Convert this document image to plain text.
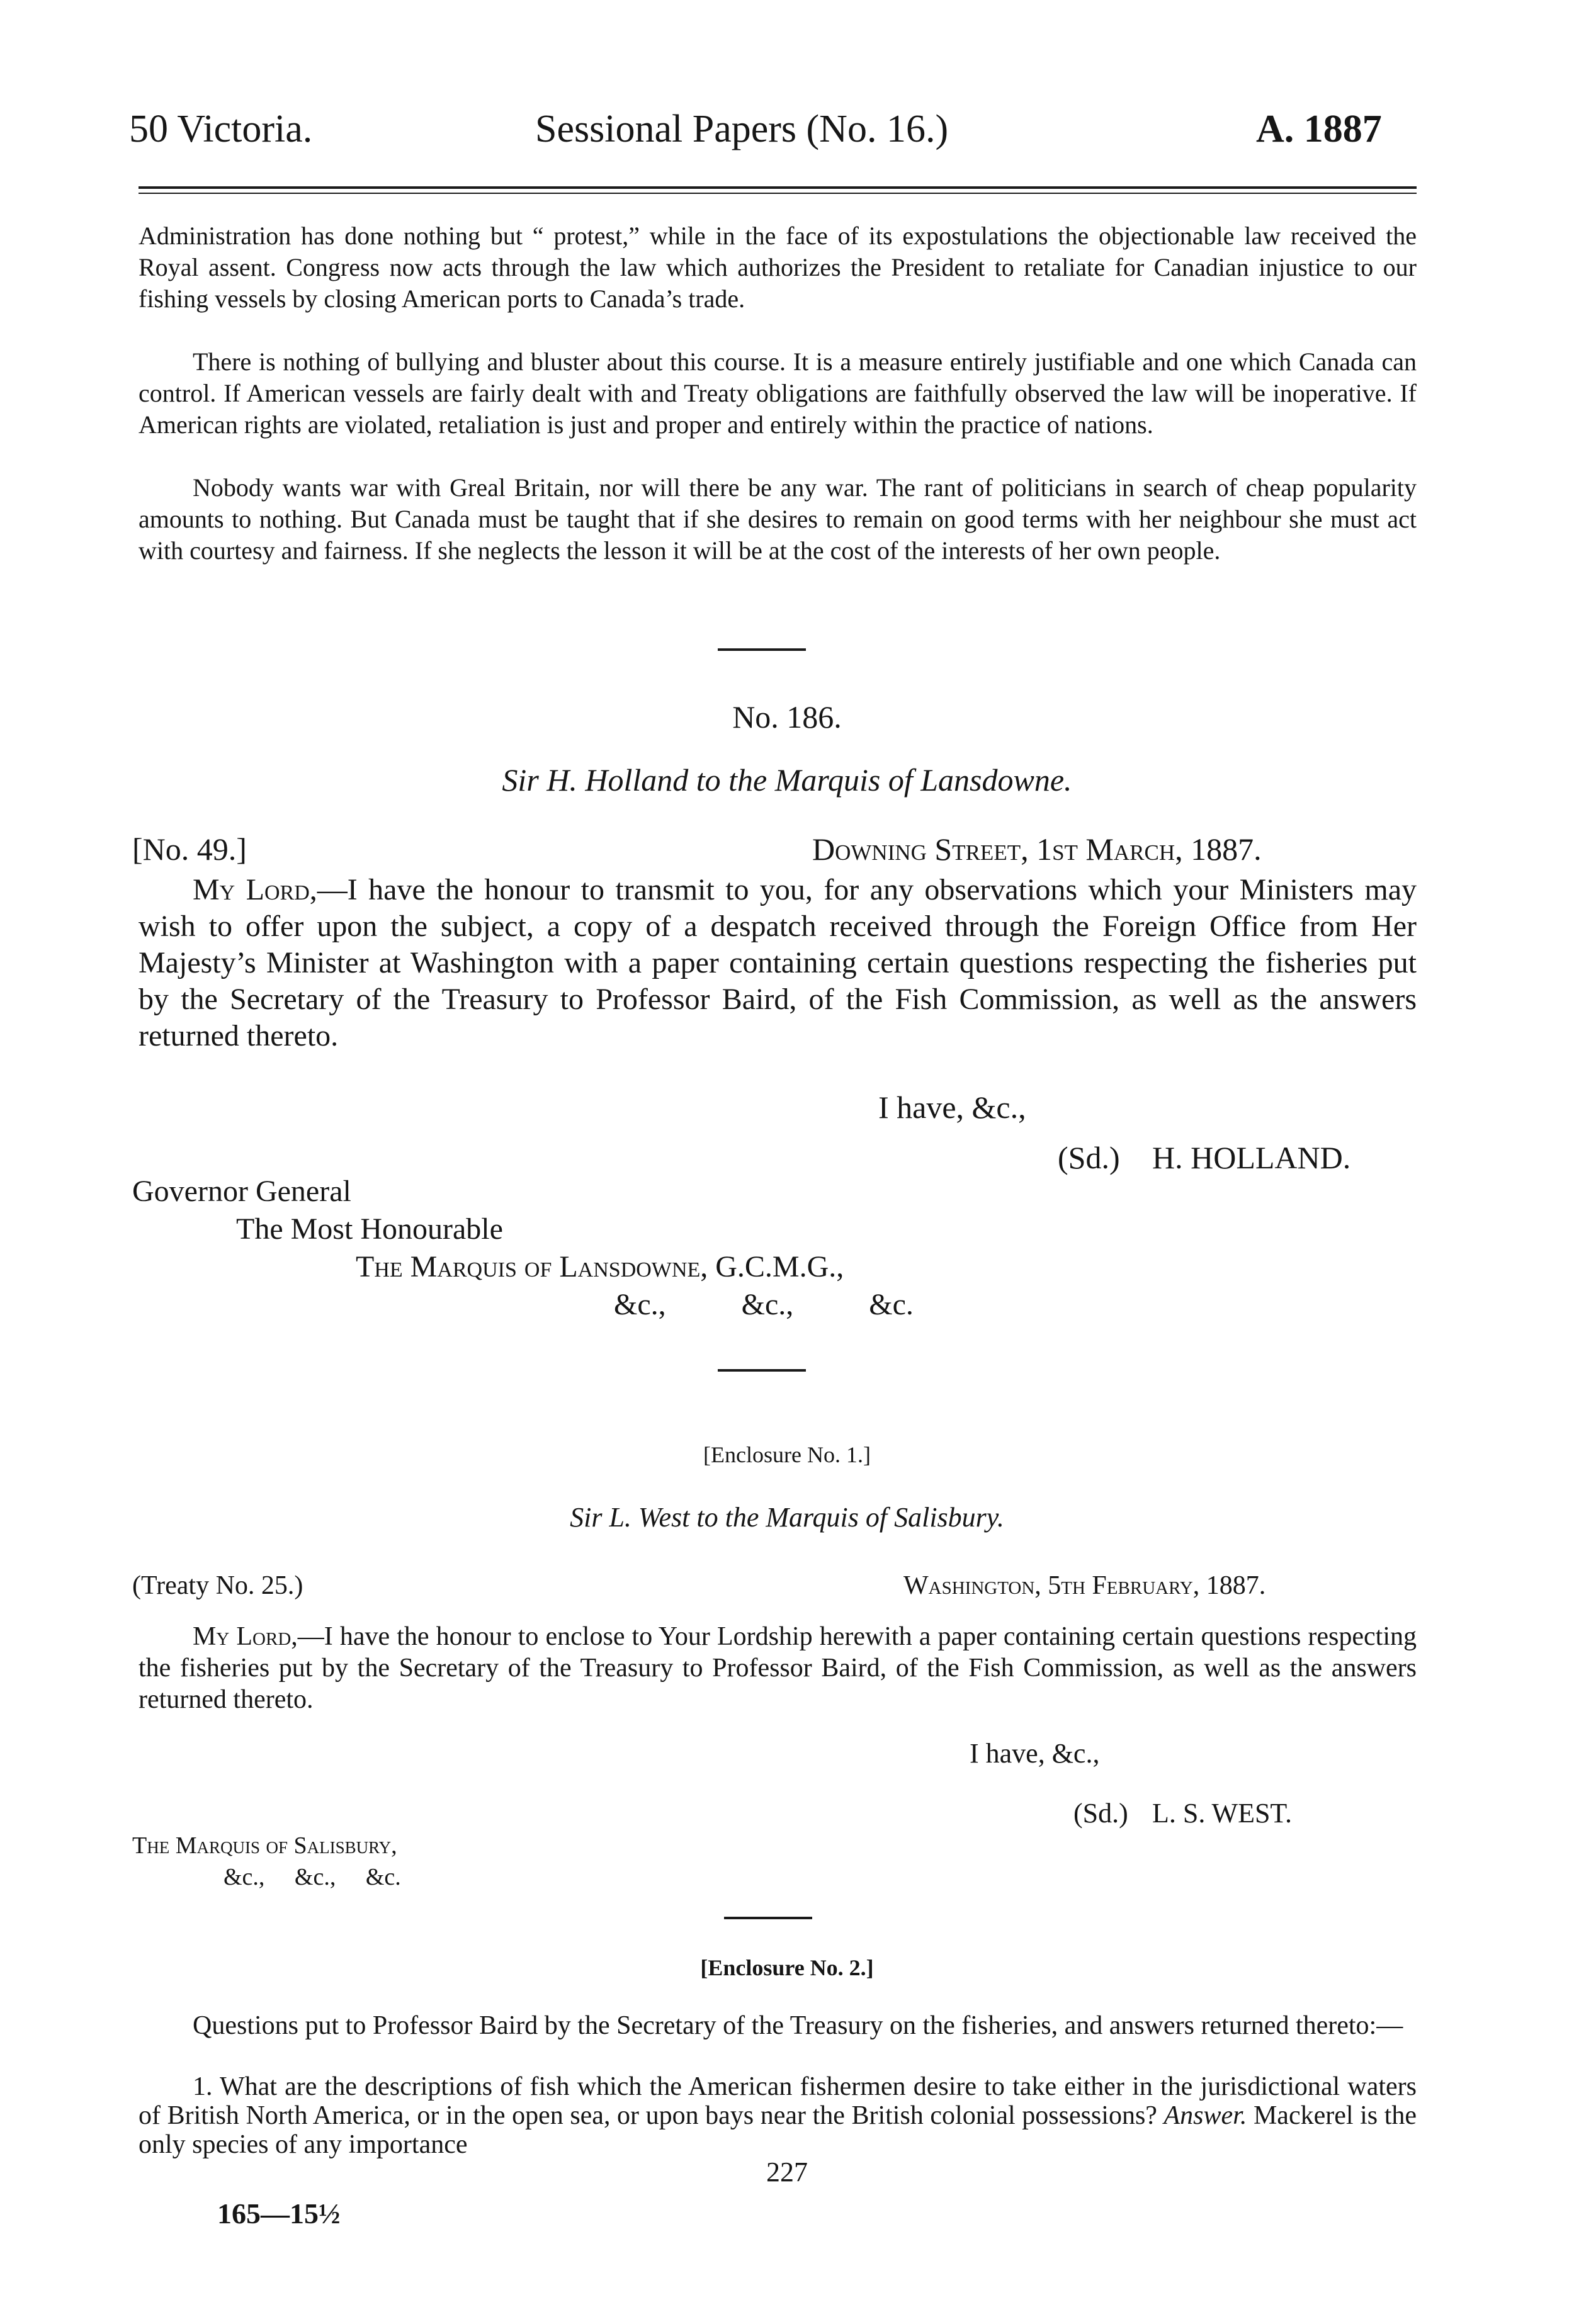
50 Victoria.	Sessional Papers (No. 16.)	A. 1887

Administration has done nothing but “ protest,” while in the face of its expostulations the objectionable law received the Royal assent. Congress now acts through the law which authorizes the President to retaliate for Canadian injustice to our fishing vessels by closing American ports to Canada’s trade.

There is nothing of bullying and bluster about this course. It is a measure entirely justifiable and one which Canada can control. If American vessels are fairly dealt with and Treaty obligations are faithfully observed the law will be inoperative. If American rights are violated, retaliation is just and proper and entirely within the practice of nations.

Nobody wants war with Greal Britain, nor will there be any war. The rant of politicians in search of cheap popularity amounts to nothing. But Canada must be taught that if she desires to remain on good terms with her neighbour she must act with courtesy and fairness. If she neglects the lesson it will be at the cost of the interests of her own people.

No. 186.
Sir H. Holland to the Marquis of Lansdowne.
[No. 49.]	Downing Street, 1st March, 1887.

My Lord,—I have the honour to transmit to you, for any observations which your Ministers may wish to offer upon the subject, a copy of a despatch received through the Foreign Office from Her Majesty’s Minister at Washington with a paper containing certain questions respecting the fisheries put by the Secretary of the Treasury to Professor Baird, of the Fish Commission, as well as the answers returned thereto.

I have, &c.,
(Sd.) H. HOLLAND.
Governor General
The Most Honourable
The Marquis of Lansdowne, G.C.M.G.,
&c.,          &c.,          &c.
[Enclosure No. 1.]
Sir L. West to the Marquis of Salisbury.
(Treaty No. 25.)	Washington, 5th February, 1887.

My Lord,—I have the honour to enclose to Your Lordship herewith a paper containing certain questions respecting the fisheries put by the Secretary of the Treasury to Professor Baird, of the Fish Commission, as well as the answers returned thereto.

I have, &c.,
(Sd.) L. S. WEST.
The Marquis of Salisbury,
&c.,     &c.,     &c.
[Enclosure No. 2.]

Questions put to Professor Baird by the Secretary of the Treasury on the fisheries, and answers returned thereto:—

1. What are the descriptions of fish which the American fishermen desire to take either in the jurisdictional waters of British North America, or in the open sea, or upon bays near the British colonial possessions? Answer. Mackerel is the only species of any importance

227
165—15½
